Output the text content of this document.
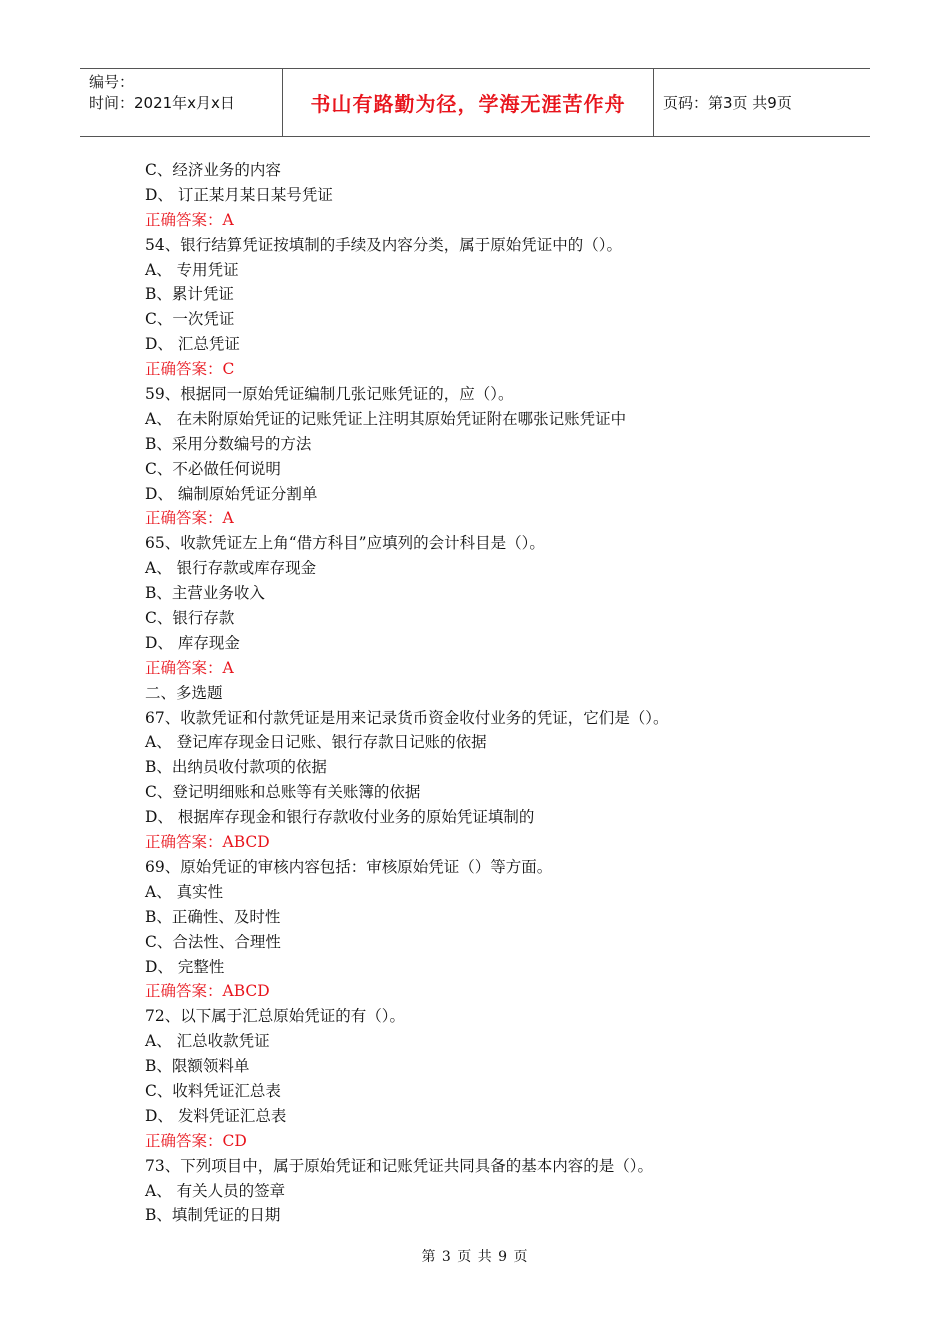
编号：
时间：2021年x月x日	书山有路勤为径，学海无涯苦作舟	页码：第3页 共9页
C、经济业务的内容
D、 订正某月某日某号凭证
正确答案：A
54、银行结算凭证按填制的手续及内容分类，属于原始凭证中的（）。
A、 专用凭证
B、累计凭证
C、一次凭证
D、 汇总凭证
正确答案：C
59、根据同一原始凭证编制几张记账凭证的，应（）。
A、 在未附原始凭证的记账凭证上注明其原始凭证附在哪张记账凭证中
B、采用分数编号的方法
C、不必做任何说明
D、 编制原始凭证分割单
正确答案：A
65、收款凭证左上角“借方科目”应填列的会计科目是（）。
A、 银行存款或库存现金
B、主营业务收入
C、银行存款
D、 库存现金
正确答案：A
二、多选题
67、收款凭证和付款凭证是用来记录货币资金收付业务的凭证，它们是（）。
A、 登记库存现金日记账、银行存款日记账的依据
B、出纳员收付款项的依据
C、登记明细账和总账等有关账簿的依据
D、 根据库存现金和银行存款收付业务的原始凭证填制的
正确答案：ABCD
69、原始凭证的审核内容包括：审核原始凭证（）等方面。
A、 真实性
B、正确性、及时性
C、合法性、合理性
D、 完整性
正确答案：ABCD
72、以下属于汇总原始凭证的有（）。
A、 汇总收款凭证
B、限额领料单
C、收料凭证汇总表
D、 发料凭证汇总表
正确答案：CD
73、下列项目中，属于原始凭证和记账凭证共同具备的基本内容的是（）。
A、 有关人员的签章
B、填制凭证的日期
第 3 页 共 9 页
